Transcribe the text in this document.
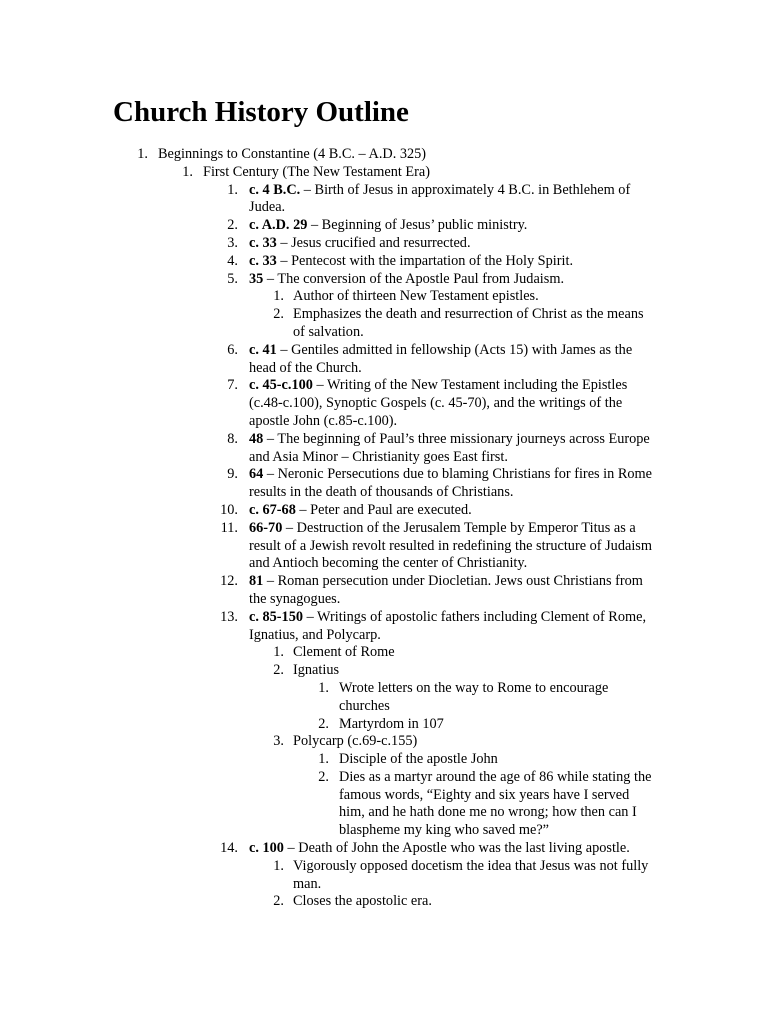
Church History Outline
1. Beginnings to Constantine (4 B.C. – A.D. 325)
1. First Century (The New Testament Era)
1. c. 4 B.C. – Birth of Jesus in approximately 4 B.C. in Bethlehem of Judea.
2. c. A.D. 29 – Beginning of Jesus’ public ministry.
3. c. 33 – Jesus crucified and resurrected.
4. c. 33 – Pentecost with the impartation of the Holy Spirit.
5. 35 – The conversion of the Apostle Paul from Judaism.
1. Author of thirteen New Testament epistles.
2. Emphasizes the death and resurrection of Christ as the means of salvation.
6. c. 41 – Gentiles admitted in fellowship (Acts 15) with James as the head of the Church.
7. c. 45-c.100 – Writing of the New Testament including the Epistles (c.48-c.100), Synoptic Gospels (c. 45-70), and the writings of the apostle John (c.85-c.100).
8. 48 – The beginning of Paul’s three missionary journeys across Europe and Asia Minor – Christianity goes East first.
9. 64 – Neronic Persecutions due to blaming Christians for fires in Rome results in the death of thousands of Christians.
10. c. 67-68 – Peter and Paul are executed.
11. 66-70 – Destruction of the Jerusalem Temple by Emperor Titus as a result of a Jewish revolt resulted in redefining the structure of Judaism and Antioch becoming the center of Christianity.
12. 81 – Roman persecution under Diocletian. Jews oust Christians from the synagogues.
13. c. 85-150 – Writings of apostolic fathers including Clement of Rome, Ignatius, and Polycarp.
1. Clement of Rome
2. Ignatius
1. Wrote letters on the way to Rome to encourage churches
2. Martyrdom in 107
3. Polycarp (c.69-c.155)
1. Disciple of the apostle John
2. Dies as a martyr around the age of 86 while stating the famous words, “Eighty and six years have I served him, and he hath done me no wrong; how then can I blaspheme my king who saved me?”
14. c. 100 – Death of John the Apostle who was the last living apostle.
1. Vigorously opposed docetism the idea that Jesus was not fully man.
2. Closes the apostolic era.
